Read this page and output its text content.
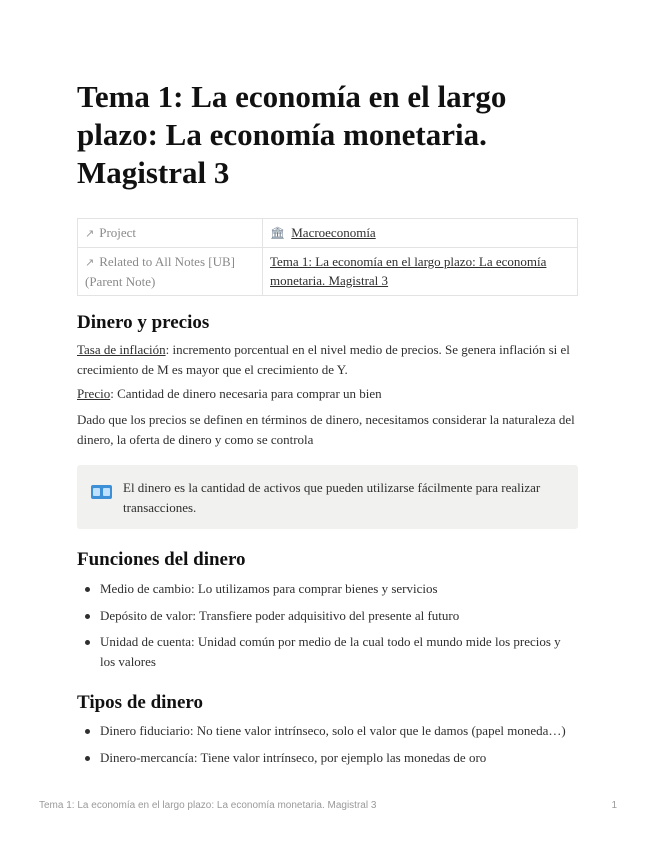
Tema 1: La economía en el largo plazo: La economía monetaria. Magistral 3
↗ Project	🏛 Macroeconomía
↗ Related to All Notes [UB] (Parent Note)	Tema 1: La economía en el largo plazo: La economía monetaria. Magistral 3
Dinero y precios

Tasa de inflación: incremento porcentual en el nivel medio de precios. Se genera inflación si el crecimiento de M es mayor que el crecimiento de Y.

Precio: Cantidad de dinero necesaria para comprar un bien

Dado que los precios se definen en términos de dinero, necesitamos considerar la naturaleza del dinero, la oferta de dinero y como se controla

El dinero es la cantidad de activos que pueden utilizarse fácilmente para realizar transacciones.
Funciones del dinero
Medio de cambio: Lo utilizamos para comprar bienes y servicios
Depósito de valor: Transfiere poder adquisitivo del presente al futuro
Unidad de cuenta: Unidad común por medio de la cual todo el mundo mide los precios y los valores
Tipos de dinero
Dinero fiduciario: No tiene valor intrínseco, solo el valor que le damos (papel moneda…)
Dinero-mercancía: Tiene valor intrínseco, por ejemplo las monedas de oro
Tema 1: La economía en el largo plazo: La economía monetaria. Magistral 3	1
